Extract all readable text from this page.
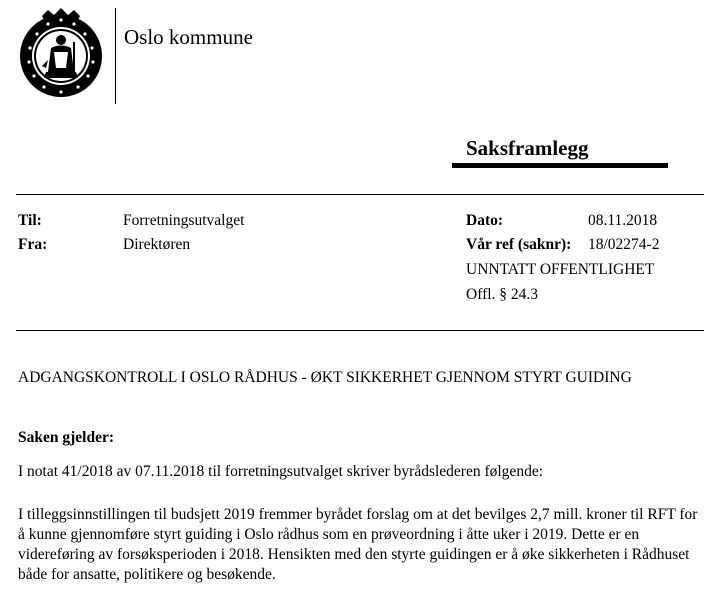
Oslo kommune
Saksframlegg
Til:	Forretningsutvalget
Fra:	Direktøren
Dato:	08.11.2018
Vår ref (saknr): 18/02274-2
UNNTATT OFFENTLIGHET
Offl. § 24.3
ADGANGSKONTROLL I OSLO RÅDHUS - ØKT SIKKERHET GJENNOM STYRT GUIDING
Saken gjelder:
I notat 41/2018 av 07.11.2018 til forretningsutvalget skriver byrådslederen følgende:
I tilleggsinnstillingen til budsjett 2019 fremmer byrådet forslag om at det bevilges 2,7 mill. kroner til RFT for å kunne gjennomføre styrt guiding i Oslo rådhus som en prøveordning i åtte uker i 2019. Dette er en videreføring av forsøksperioden i 2018. Hensikten med den styrte guidingen er å øke sikkerheten i Rådhuset både for ansatte, politikere og besøkende.
